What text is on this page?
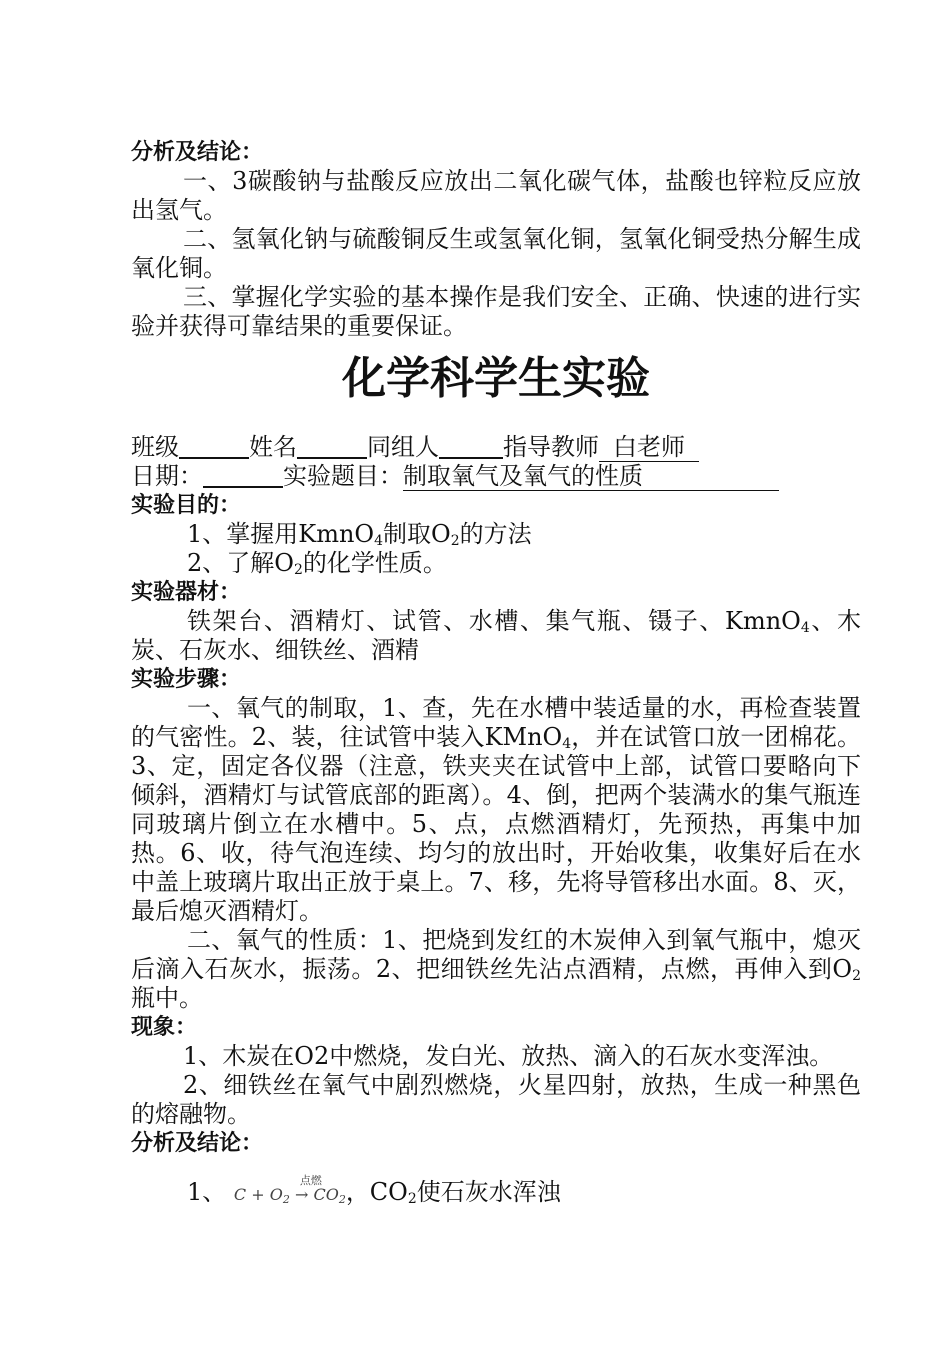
分析及结论：
一、3碳酸钠与盐酸反应放出二氧化碳气体，盐酸也锌粒反应放出氢气。
二、氢氧化钠与硫酸铜反生或氢氧化铜，氢氧化铜受热分解生成氧化铜。
三、掌握化学实验的基本操作是我们安全、正确、快速的进行实验并获得可靠结果的重要保证。
化学科学生实验
班级	姓名	同组人	指导教师 白老师
日期：	实验题目：制取氧气及氧气的性质
实验目的：
1、掌握用KmnO$_4$制取$O_2$的方法
2、了解$O_2$的化学性质。
实验器材：
铁架台、酒精灯、试管、水槽、集气瓶、镊子、KmnO$_4$、木炭、石灰水、细铁丝、酒精
实验步骤：
一、氧气的制取，1、查，先在水槽中装适量的水，再检查装置的气密性。2、装，往试管中装入KMnO$_4$，并在试管口放一团棉花。3、定，固定各仪器（注意，铁夹夹在试管中上部，试管口要略向下倾斜，酒精灯与试管底部的距离）。4、倒，把两个装满水的集气瓶连同玻璃片倒立在水槽中。5、点，点燃酒精灯，先预热，再集中加热。6、收，待气泡连续、均匀的放出时，开始收集，收集好后在水中盖上玻璃片取出正放于桌上。7、移，先将导管移出水面。8、灭，最后熄灭酒精灯。
二、氧气的性质：1、把烧到发红的木炭伸入到氧气瓶中，熄灭后滴入石灰水，振荡。2、把细铁丝先沾点酒精，点燃，再伸入到$O_2$瓶中。
现象：
1、木炭在O2中燃烧，发白光、放热、滴入的石灰水变浑浊。
2、细铁丝在氧气中剧烈燃烧，火星四射，放热，生成一种黑色的熔融物。
分析及结论：
1、	点燃
$C + O_2 \to CO_2$，$CO_2$使石灰水浑浊
